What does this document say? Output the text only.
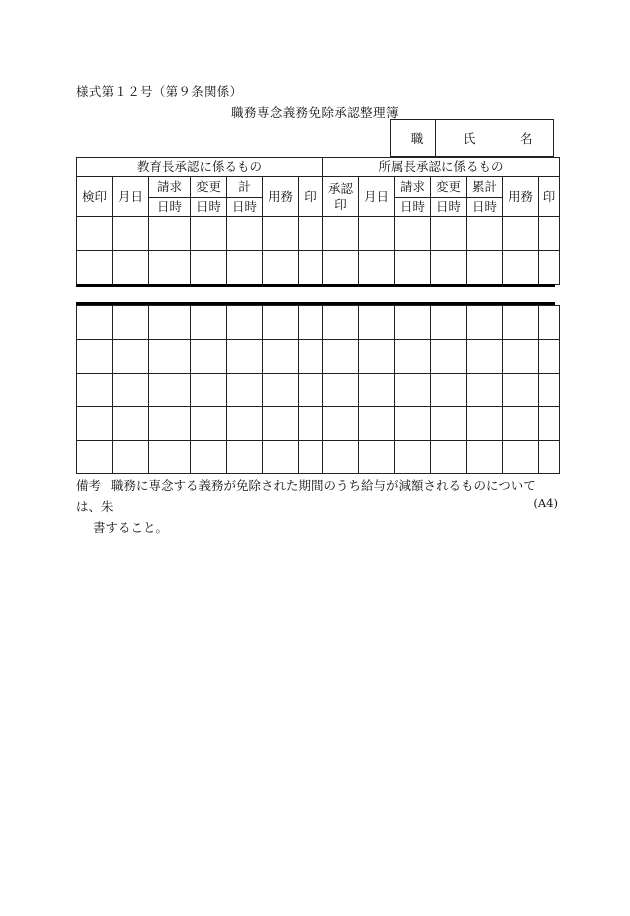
様式第１２号（第９条関係）
職務専念義務免除承認整理簿
職	氏	名
教育長承認に係るもの							所属長承認に係るもの						
検印	月日	請求	変更	計	用務	印	承認印	月日	請求	変更	累計	用務	印
		日時	日時	日時					日時	日時	日時		

備考 職務に専念する義務が免除された期間のうち給与が減額されるものについては、朱
書すること。
(A4)
